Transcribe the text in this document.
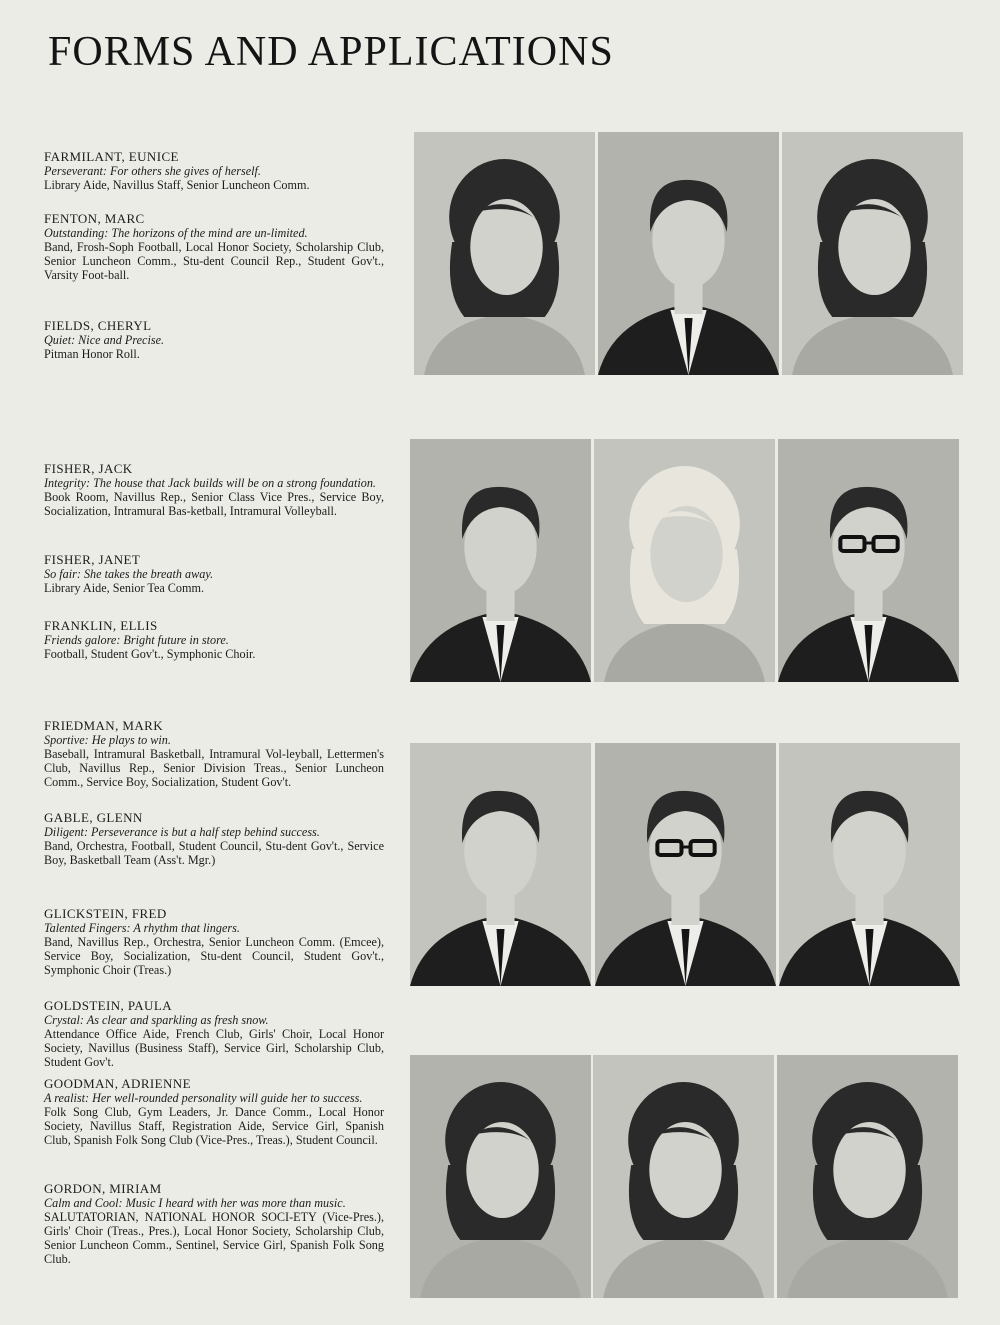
FORMS AND APPLICATIONS
FARMILANT, EUNICE
Perseverant: For others she gives of herself.
Library Aide, Navillus Staff, Senior Luncheon Comm.
FENTON, MARC
Outstanding: The horizons of the mind are un-limited.
Band, Frosh-Soph Football, Local Honor Society, Scholarship Club, Senior Luncheon Comm., Stu-dent Council Rep., Student Gov't., Varsity Foot-ball.
FIELDS, CHERYL
Quiet: Nice and Precise.
Pitman Honor Roll.
FISHER, JACK
Integrity: The house that Jack builds will be on a strong foundation.
Book Room, Navillus Rep., Senior Class Vice Pres., Service Boy, Socialization, Intramural Bas-ketball, Intramural Volleyball.
FISHER, JANET
So fair: She takes the breath away.
Library Aide, Senior Tea Comm.
FRANKLIN, ELLIS
Friends galore: Bright future in store.
Football, Student Gov't., Symphonic Choir.
FRIEDMAN, MARK
Sportive: He plays to win.
Baseball, Intramural Basketball, Intramural Vol-leyball, Lettermen's Club, Navillus Rep., Senior Division Treas., Senior Luncheon Comm., Service Boy, Socialization, Student Gov't.
GABLE, GLENN
Diligent: Perseverance is but a half step behind success.
Band, Orchestra, Football, Student Council, Stu-dent Gov't., Service Boy, Basketball Team (Ass't. Mgr.)
GLICKSTEIN, FRED
Talented Fingers: A rhythm that lingers.
Band, Navillus Rep., Orchestra, Senior Luncheon Comm. (Emcee), Service Boy, Socialization, Stu-dent Council, Student Gov't., Symphonic Choir (Treas.)
GOLDSTEIN, PAULA
Crystal: As clear and sparkling as fresh snow.
Attendance Office Aide, French Club, Girls' Choir, Local Honor Society, Navillus (Business Staff), Service Girl, Scholarship Club, Student Gov't.
GOODMAN, ADRIENNE
A realist: Her well-rounded personality will guide her to success.
Folk Song Club, Gym Leaders, Jr. Dance Comm., Local Honor Society, Navillus Staff, Registration Aide, Service Girl, Spanish Club, Spanish Folk Song Club (Vice-Pres., Treas.), Student Council.
GORDON, MIRIAM
Calm and Cool: Music I heard with her was more than music.
SALUTATORIAN, NATIONAL HONOR SOCI-ETY (Vice-Pres.), Girls' Choir (Treas., Pres.), Local Honor Society, Scholarship Club, Senior Luncheon Comm., Sentinel, Service Girl, Spanish Folk Song Club.
